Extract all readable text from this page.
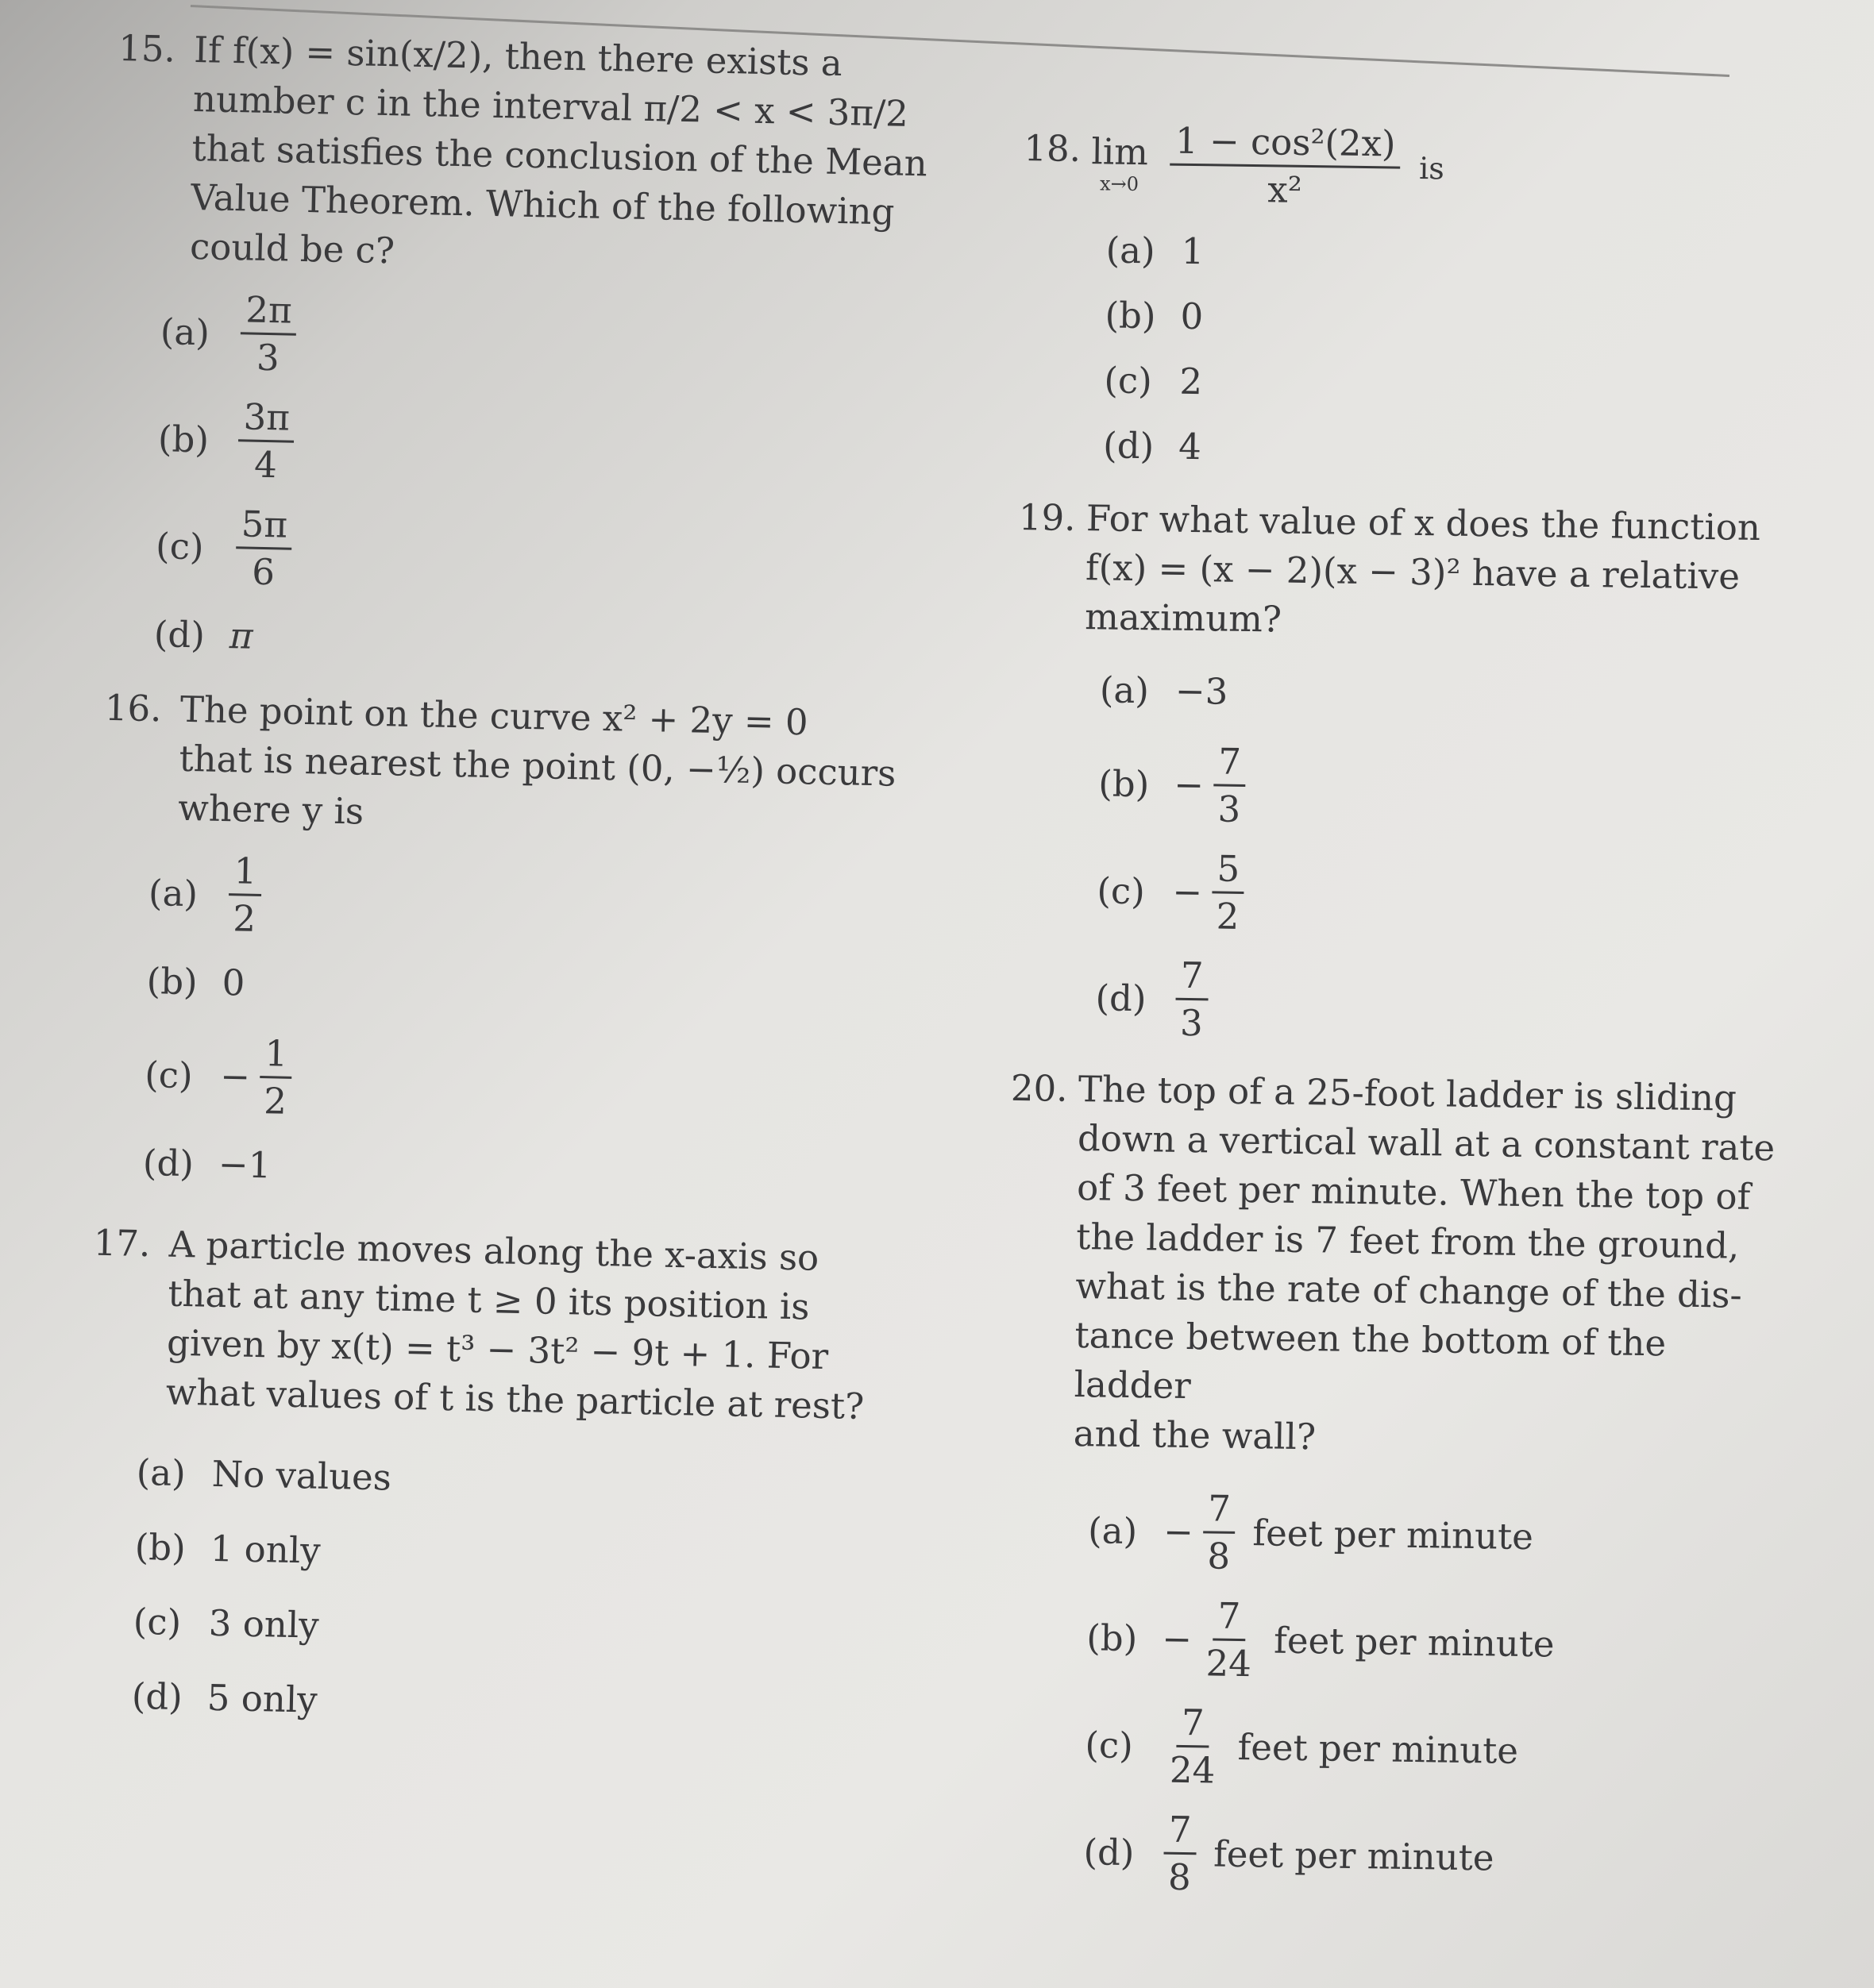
15. If f(x) = sin(x/2), then there exists a
number c in the interval π/2 < x < 3π/2
that satisfies the conclusion of the Mean
Value Theorem. Which of the following
could be c?
$(a) \frac{2\pi}{3}$
$(b) \frac{3\pi}{4}$
$(c) \frac{5\pi}{6}$
(d) π
16. The point on the curve x² + 2y = 0
that is nearest the point (0, −½) occurs
where y is
$(a) \frac{1}{2}$
(b) 0
$(c) - \frac{1}{2}$
(d) −1
17. A particle moves along the x-axis so
that at any time t ≥ 0 its position is
given by x(t) = t³ − 3t² − 9t + 1. For
what values of t is the particle at rest?
(a) No values
(b) 1 only
(c) 3 only
(d) 5 only
18. lim
$x\to 0 \frac{\text{1 − cos²(2x)}}{\text{x²}}$ is
(a) 1
(b) 0
(c) 2
(d) 4
19. For what value of x does the function
f(x) = (x − 2)(x − 3)² have a relative
maximum?
(a) −3
$(b) - \frac{7}{3}$
$(c) - \frac{5}{2}$
$(d) \frac{7}{3}$
20. The top of a 25-foot ladder is sliding
down a vertical wall at a constant rate
of 3 feet per minute. When the top of
the ladder is 7 feet from the ground,
what is the rate of change of the dis-
tance between the bottom of the ladder
and the wall?
$(a) - \frac{7}{8}$ feet per minute
$(b) - \frac{7}{24}$ feet per minute
$(c) \frac{7}{24}$ feet per minute
$(d) \frac{7}{8}$ feet per minute
